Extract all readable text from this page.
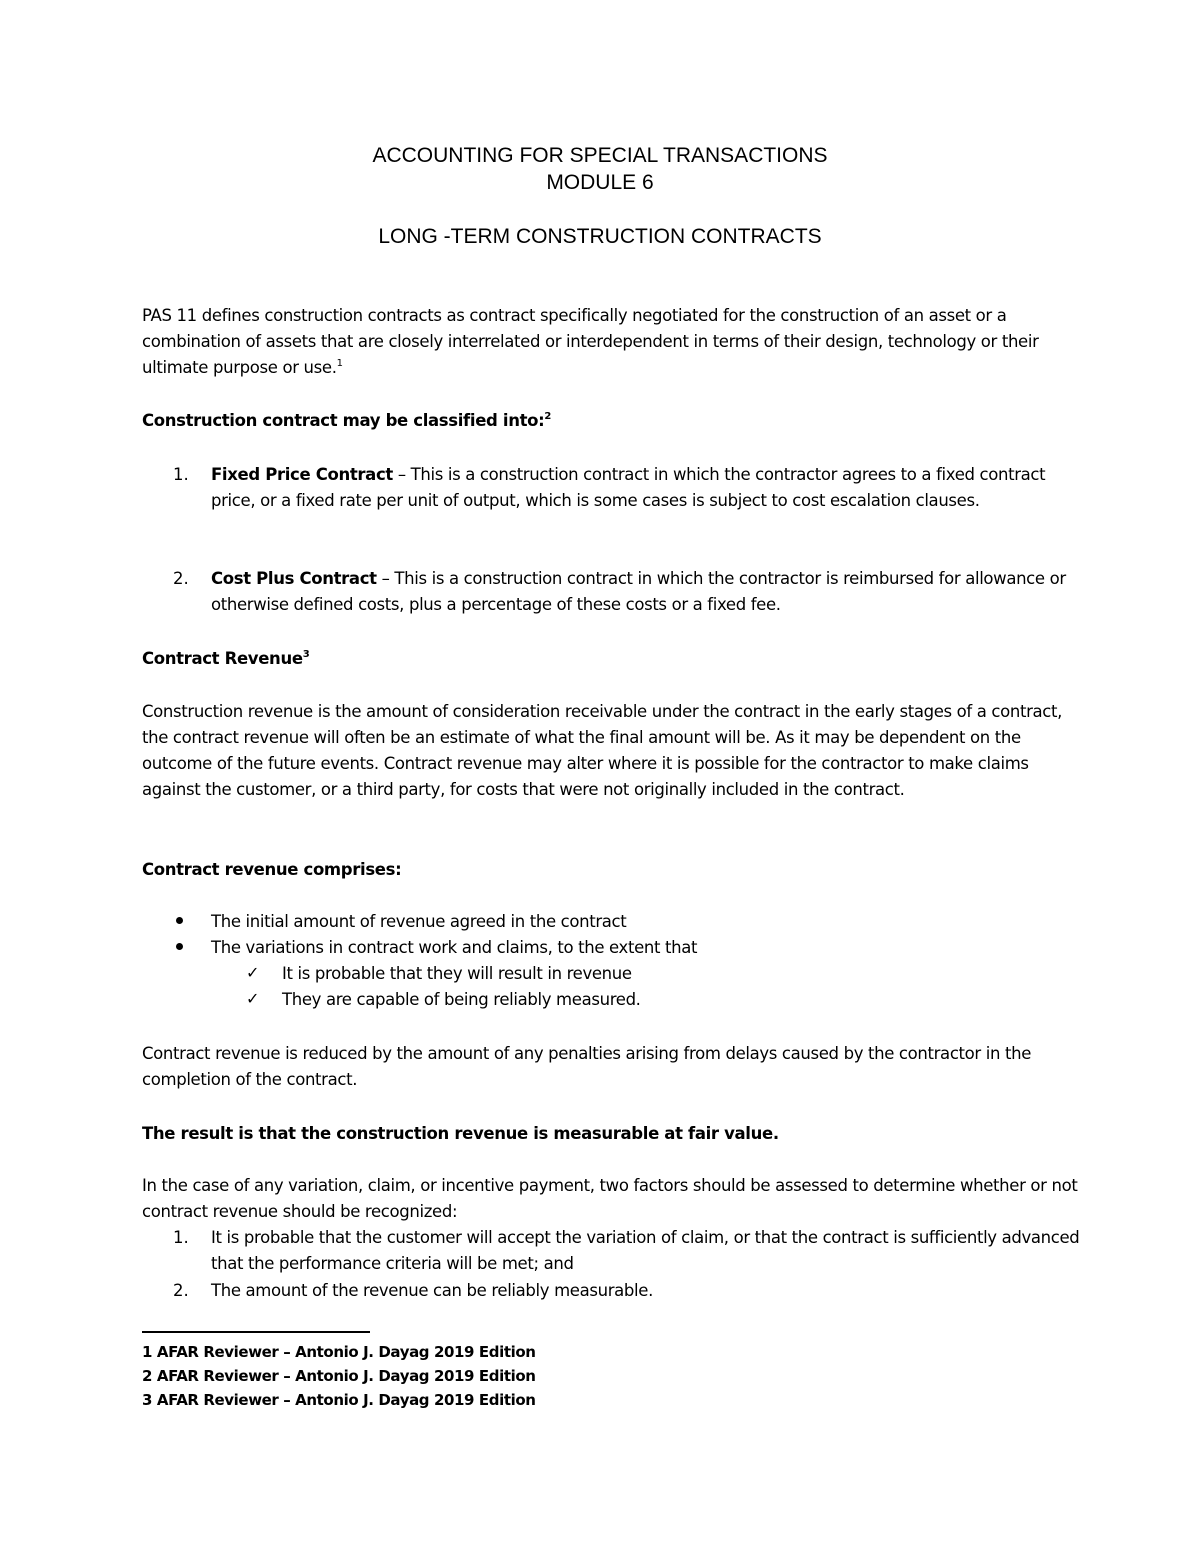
ACCOUNTING FOR SPECIAL TRANSACTIONS
MODULE 6
LONG -TERM CONSTRUCTION CONTRACTS

PAS 11 defines construction contracts as contract specifically negotiated for the construction of an asset or a combination of assets that are closely interrelated or interdependent in terms of their design, technology or their ultimate purpose or use.$^1$

Construction contract may be classified into:$^2$

1. Fixed Price Contract – This is a construction contract in which the contractor agrees to a fixed contract price, or a fixed rate per unit of output, which is some cases is subject to cost escalation clauses.

2. Cost Plus Contract – This is a construction contract in which the contractor is reimbursed for allowance or otherwise defined costs, plus a percentage of these costs or a fixed fee.

Contract Revenue$^3$

Construction revenue is the amount of consideration receivable under the contract in the early stages of a contract, the contract revenue will often be an estimate of what the final amount will be. As it may be dependent on the outcome of the future events. Contract revenue may alter where it is possible for the contractor to make claims against the customer, or a third party, for costs that were not originally included in the contract.

Contract revenue comprises:

The initial amount of revenue agreed in the contract

The variations in contract work and claims, to the extent that

✓ It is probable that they will result in revenue

✓ They are capable of being reliably measured.

Contract revenue is reduced by the amount of any penalties arising from delays caused by the contractor in the completion of the contract.

The result is that the construction revenue is measurable at fair value.

In the case of any variation, claim, or incentive payment, two factors should be assessed to determine whether or not contract revenue should be recognized:

1. It is probable that the customer will accept the variation of claim, or that the contract is sufficiently advanced that the performance criteria will be met; and

2. The amount of the revenue can be reliably measurable.

1 AFAR Reviewer – Antonio J. Dayag 2019 Edition
2 AFAR Reviewer – Antonio J. Dayag 2019 Edition
3 AFAR Reviewer – Antonio J. Dayag 2019 Edition
